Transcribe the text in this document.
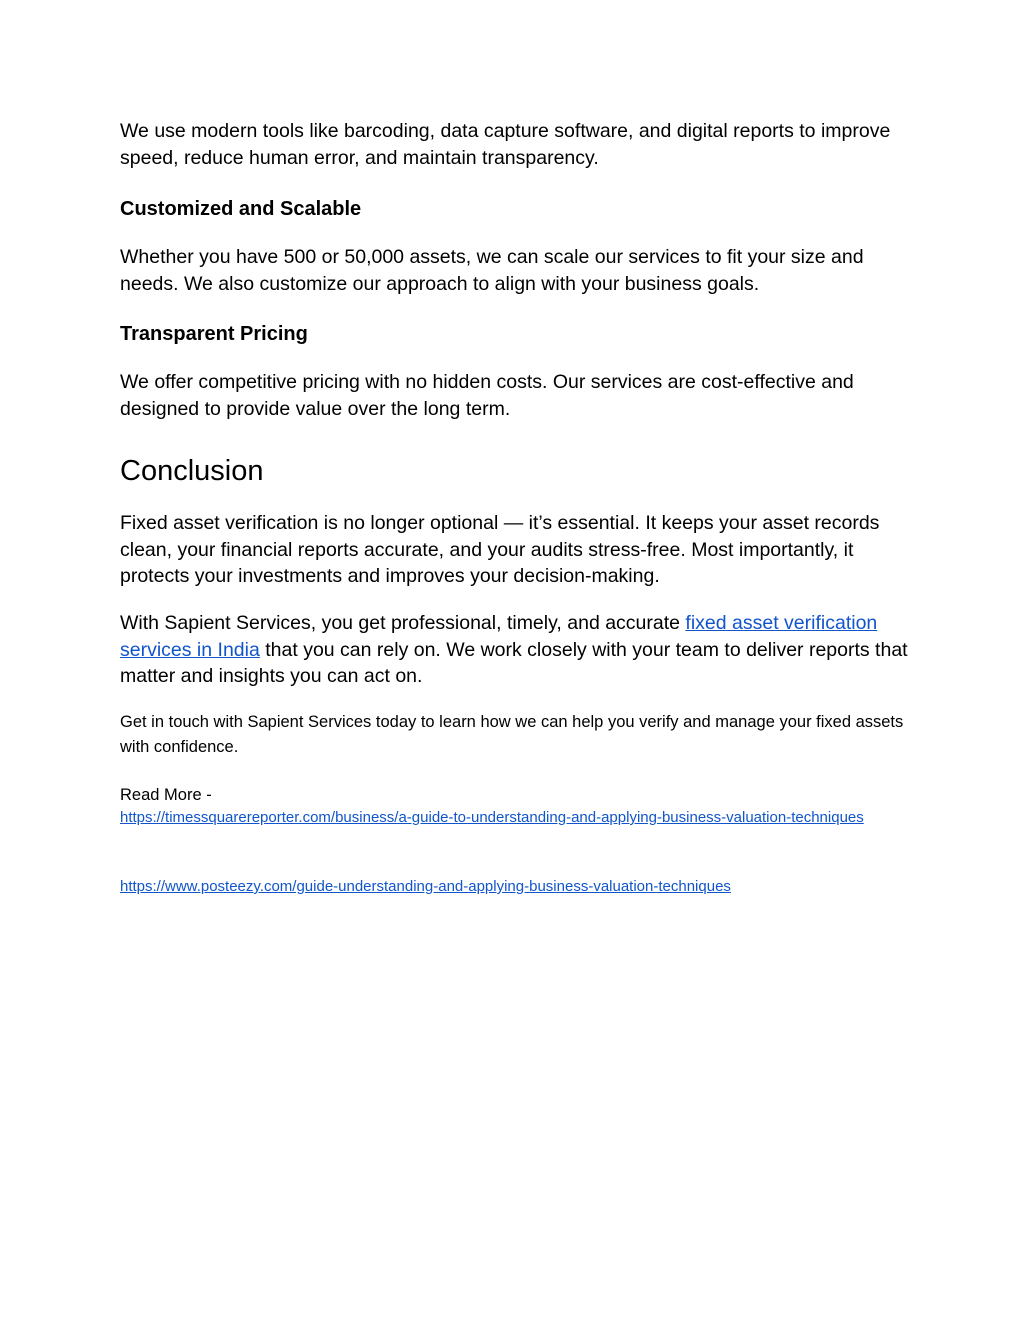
We use modern tools like barcoding, data capture software, and digital reports to improve speed, reduce human error, and maintain transparency.

Customized and Scalable

Whether you have 500 or 50,000 assets, we can scale our services to fit your size and needs. We also customize our approach to align with your business goals.

Transparent Pricing

We offer competitive pricing with no hidden costs. Our services are cost-effective and designed to provide value over the long term.

Conclusion

Fixed asset verification is no longer optional — it’s essential. It keeps your asset records clean, your financial reports accurate, and your audits stress-free. Most importantly, it protects your investments and improves your decision-making.

With Sapient Services, you get professional, timely, and accurate fixed asset verification services in India that you can rely on. We work closely with your team to deliver reports that matter and insights you can act on.

Get in touch with Sapient Services today to learn how we can help you verify and manage your fixed assets with confidence.

Read More -

https://timessquarereporter.com/business/a-guide-to-understanding-and-applying-business-valuation-techniques
https://www.posteezy.com/guide-understanding-and-applying-business-valuation-techniques
